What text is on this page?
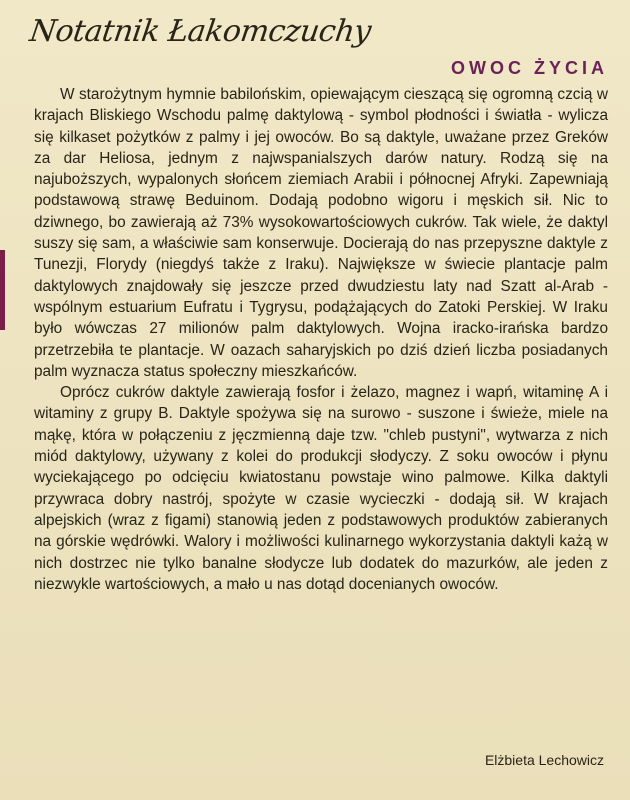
Notatnik Łakomczuchy
OWOC ŻYCIA

W starożytnym hymnie babilońskim, opiewającym cieszącą się ogromną czcią w krajach Bliskiego Wschodu palmę daktylową - symbol płodności i światła - wylicza się kilkaset pożytków z palmy i jej owoców. Bo są daktyle, uważane przez Greków za dar Heliosa, jednym z najwspanialszych darów natury. Rodzą się na najuboższych, wypalonych słońcem ziemiach Arabii i północnej Afryki. Zapewniają podstawową strawę Beduinom. Dodają podobno wigoru i męskich sił. Nic to dziwnego, bo zawierają aż 73% wysokowartościowych cukrów. Tak wiele, że daktyl suszy się sam, a właściwie sam konserwuje. Docierają do nas przepyszne daktyle z Tunezji, Florydy (niegdyś także z Iraku). Największe w świecie plantacje palm daktylowych znajdowały się jeszcze przed dwudziestu laty nad Szatt al-Arab - wspólnym estuarium Eufratu i Tygrysu, podążających do Zatoki Perskiej. W Iraku było wówczas 27 milionów palm daktylowych. Wojna iracko-irańska bardzo przetrzebiła te plantacje. W oazach saharyjskich po dziś dzień liczba posiadanych palm wyznacza status społeczny mieszkańców.

Oprócz cukrów daktyle zawierają fosfor i żelazo, magnez i wapń, witaminę A i witaminy z grupy B. Daktyle spożywa się na surowo - suszone i świeże, miele na mąkę, która w połączeniu z jęczmienną daje tzw. "chleb pustyni", wytwarza z nich miód daktylowy, używany z kolei do produkcji słodyczy. Z soku owoców i płynu wyciekającego po odcięciu kwiatostanu powstaje wino palmowe. Kilka daktyli przywraca dobry nastrój, spożyte w czasie wycieczki - dodają sił. W krajach alpejskich (wraz z figami) stanowią jeden z podstawowych produktów zabieranych na górskie wędrówki. Walory i możliwości kulinarnego wykorzystania daktyli każą w nich dostrzec nie tylko banalne słodycze lub dodatek do mazurków, ale jeden z niezwykle wartościowych, a mało u nas dotąd docenianych owoców.

Elżbieta Lechowicz
